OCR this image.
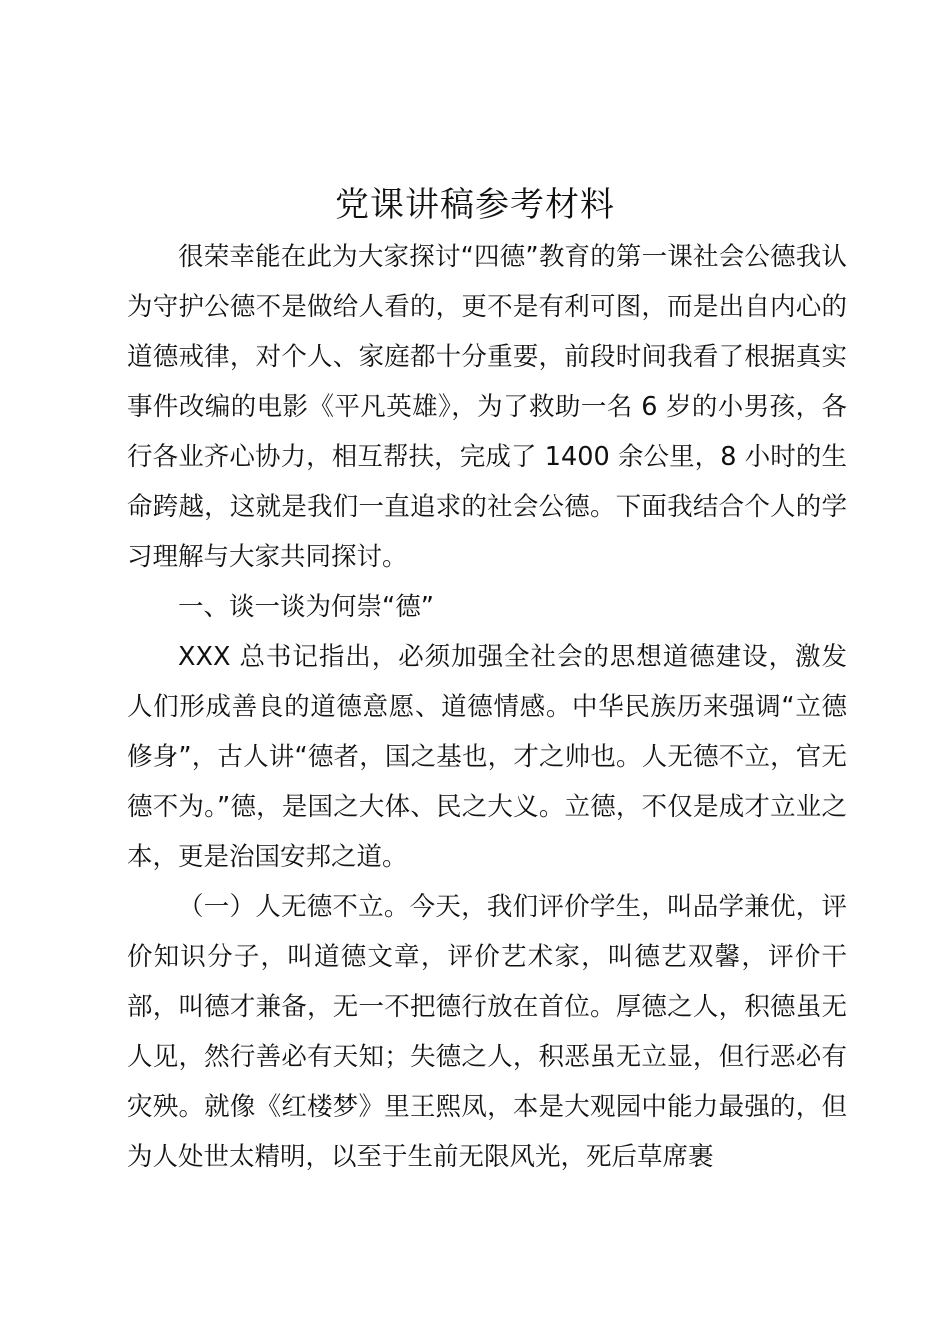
党课讲稿参考材料

很荣幸能在此为大家探讨“四德”教育的第一课社会公德我认为守护公德不是做给人看的，更不是有利可图，而是出自内心的道德戒律，对个人、家庭都十分重要，前段时间我看了根据真实事件改编的电影《平凡英雄》，为了救助一名 6 岁的小男孩，各行各业齐心协力，相互帮扶，完成了 1400 余公里，8 小时的生命跨越，这就是我们一直追求的社会公德。下面我结合个人的学习理解与大家共同探讨。

一、谈一谈为何崇“德”

XXX 总书记指出，必须加强全社会的思想道德建设，激发人们形成善良的道德意愿、道德情感。中华民族历来强调“立德修身”，古人讲“德者，国之基也，才之帅也。人无德不立，官无德不为。”德，是国之大体、民之大义。立德，不仅是成才立业之本，更是治国安邦之道。

（一）人无德不立。今天，我们评价学生，叫品学兼优，评价知识分子，叫道德文章，评价艺术家，叫德艺双馨，评价干部，叫德才兼备，无一不把德行放在首位。厚德之人，积德虽无人见，然行善必有天知；失德之人，积恶虽无立显，但行恶必有灾殃。就像《红楼梦》里王熙凤，本是大观园中能力最强的，但为人处世太精明，以至于生前无限风光，死后草席裹
